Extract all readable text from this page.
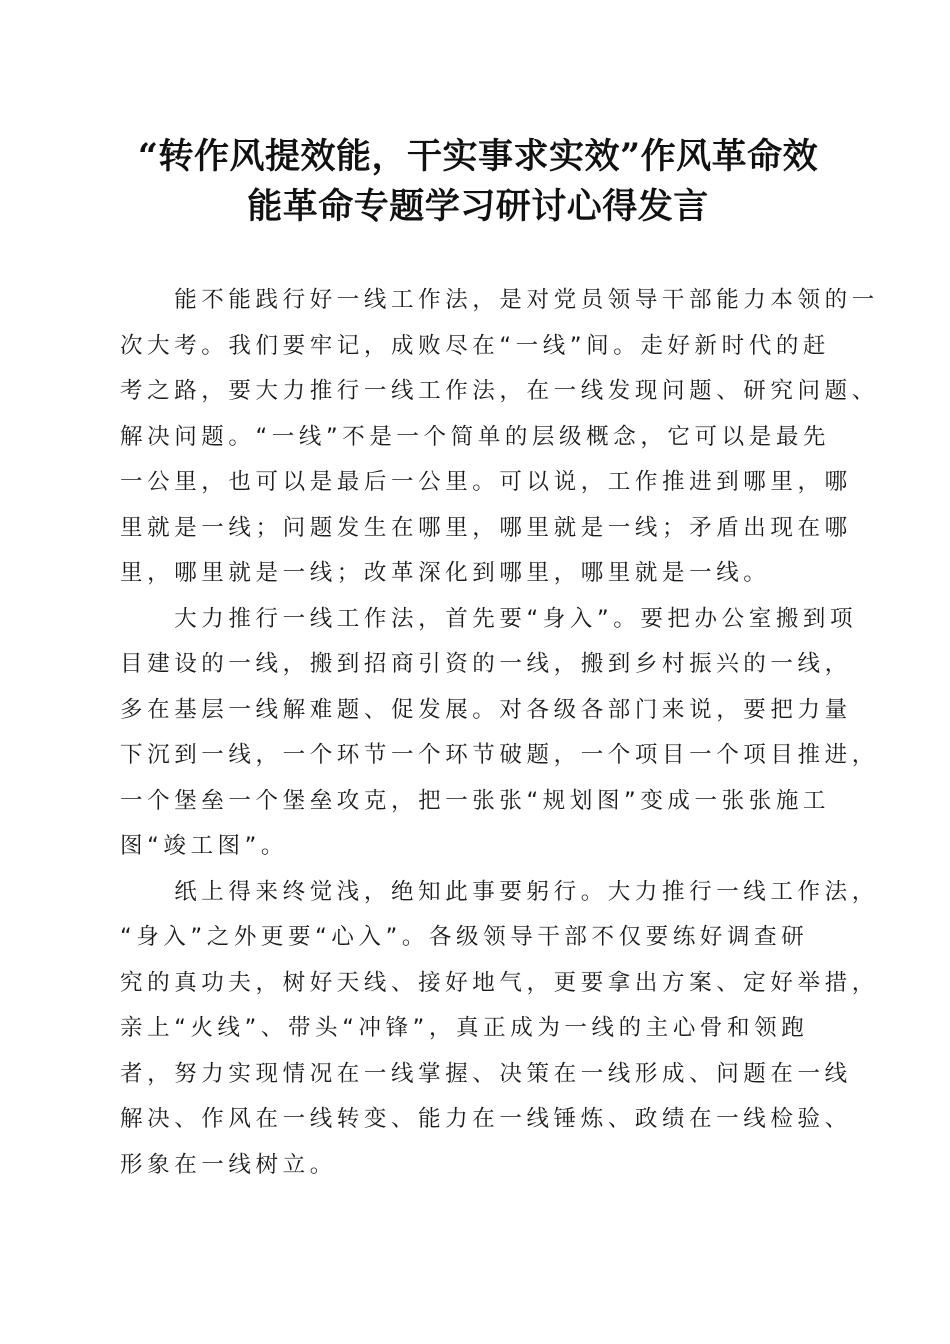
“转作风提效能，干实事求实效”作风革命效
能革命专题学习研讨心得发言
　　能不能践行好一线工作法，是对党员领导干部能力本领的一
次大考。我们要牢记，成败尽在“一线”间。走好新时代的赶
考之路，要大力推行一线工作法，在一线发现问题、研究问题、
解决问题。“一线”不是一个简单的层级概念，它可以是最先
一公里，也可以是最后一公里。可以说，工作推进到哪里，哪
里就是一线；问题发生在哪里，哪里就是一线；矛盾出现在哪
里，哪里就是一线；改革深化到哪里，哪里就是一线。
　　大力推行一线工作法，首先要“身入”。要把办公室搬到项
目建设的一线，搬到招商引资的一线，搬到乡村振兴的一线，
多在基层一线解难题、促发展。对各级各部门来说，要把力量
下沉到一线，一个环节一个环节破题，一个项目一个项目推进，
一个堡垒一个堡垒攻克，把一张张“规划图”变成一张张施工
图“竣工图”。
　　纸上得来终觉浅，绝知此事要躬行。大力推行一线工作法，
“身入”之外更要“心入”。各级领导干部不仅要练好调查研
究的真功夫，树好天线、接好地气，更要拿出方案、定好举措，
亲上“火线”、带头“冲锋”，真正成为一线的主心骨和领跑
者，努力实现情况在一线掌握、决策在一线形成、问题在一线
解决、作风在一线转变、能力在一线锤炼、政绩在一线检验、
形象在一线树立。
